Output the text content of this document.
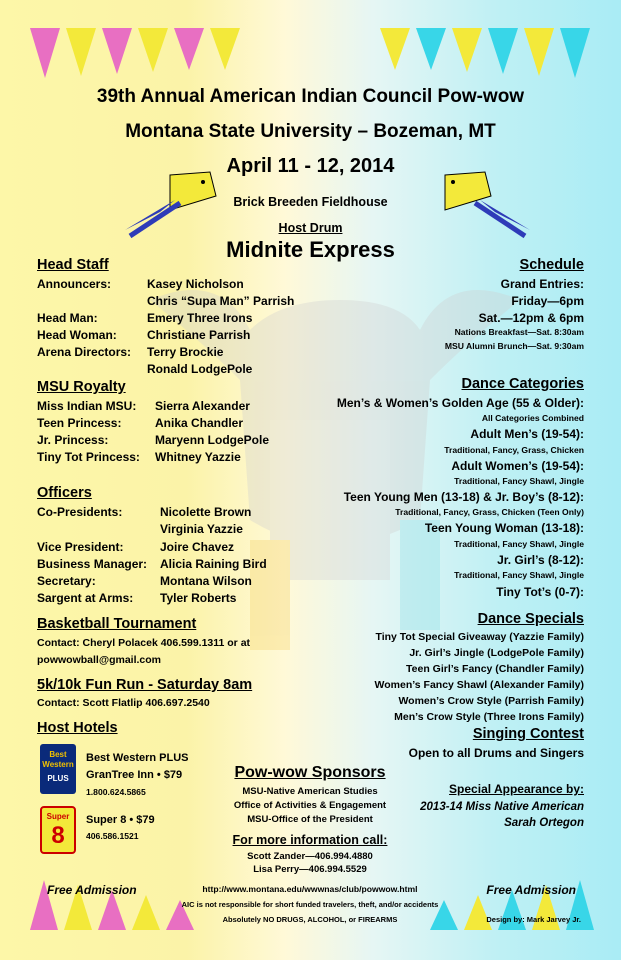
39th Annual American Indian Council Pow-wow
Montana State University – Bozeman, MT
April 11 - 12, 2014
Brick Breeden Fieldhouse
Host Drum
Midnite Express
Head Staff
Announcers:	Kasey Nicholson
Chris “Supa Man” Parrish
Head Man:	Emery Three Irons
Head Woman:	Christiane Parrish
Arena Directors: Terry Brockie
Ronald LodgePole
MSU Royalty
Miss Indian MSU: Sierra Alexander
Teen Princess:	Anika Chandler
Jr. Princess:	Maryenn LodgePole
Tiny Tot Princess: Whitney Yazzie
Officers
Co-Presidents:	Nicolette Brown
Virginia Yazzie
Vice President:	Joire Chavez
Business Manager: Alicia Raining Bird
Secretary:	Montana Wilson
Sargent at Arms: Tyler Roberts
Basketball Tournament
Contact: Cheryl Polacek 406.599.1311 or at
powwowball@gmail.com
5k/10k Fun Run - Saturday 8am
Contact: Scott Flatlip 406.697.2540
Host Hotels
Best
Western
PLUS
Best Western PLUS
GranTree Inn • $79
1.800.624.5865
Super
8
Super 8 • $79
406.586.1521
Schedule
Grand Entries:
Friday—6pm
Sat.—12pm & 6pm
Nations Breakfast—Sat. 8:30am
MSU Alumni Brunch—Sat. 9:30am
Dance Categories
Men’s & Women’s Golden Age (55 & Older):
All Categories Combined
Adult Men’s (19-54):
Traditional, Fancy, Grass, Chicken
Adult Women’s (19-54):
Traditional, Fancy Shawl, Jingle
Teen Young Men (13-18) & Jr. Boy’s (8-12):
Traditional, Fancy, Grass, Chicken (Teen Only)
Teen Young Woman (13-18):
Traditional, Fancy Shawl, Jingle
Jr. Girl’s (8-12):
Traditional, Fancy Shawl, Jingle
Tiny Tot’s (0-7):
Dance Specials
Tiny Tot Special Giveaway (Yazzie Family)
Jr. Girl’s Jingle (LodgePole Family)
Teen Girl’s Fancy (Chandler Family)
Women’s Fancy Shawl (Alexander Family)
Women’s Crow Style (Parrish Family)
Men’s Crow Style (Three Irons Family)
Singing Contest
Open to all Drums and Singers
Pow-wow Sponsors
MSU-Native American Studies
Office of Activities & Engagement
MSU-Office of the President
For more information call:
Scott Zander—406.994.4880
Lisa Perry—406.994.5529
Special Appearance by:
2013-14 Miss Native American
Sarah Ortegon
Free Admission	Free Admission
http://www.montana.edu/wwwnas/club/powwow.html
AIC is not responsible for short funded travelers, theft, and/or accidents
Absolutely NO DRUGS, ALCOHOL, or FIREARMS	Design by: Mark Jarvey Jr.
